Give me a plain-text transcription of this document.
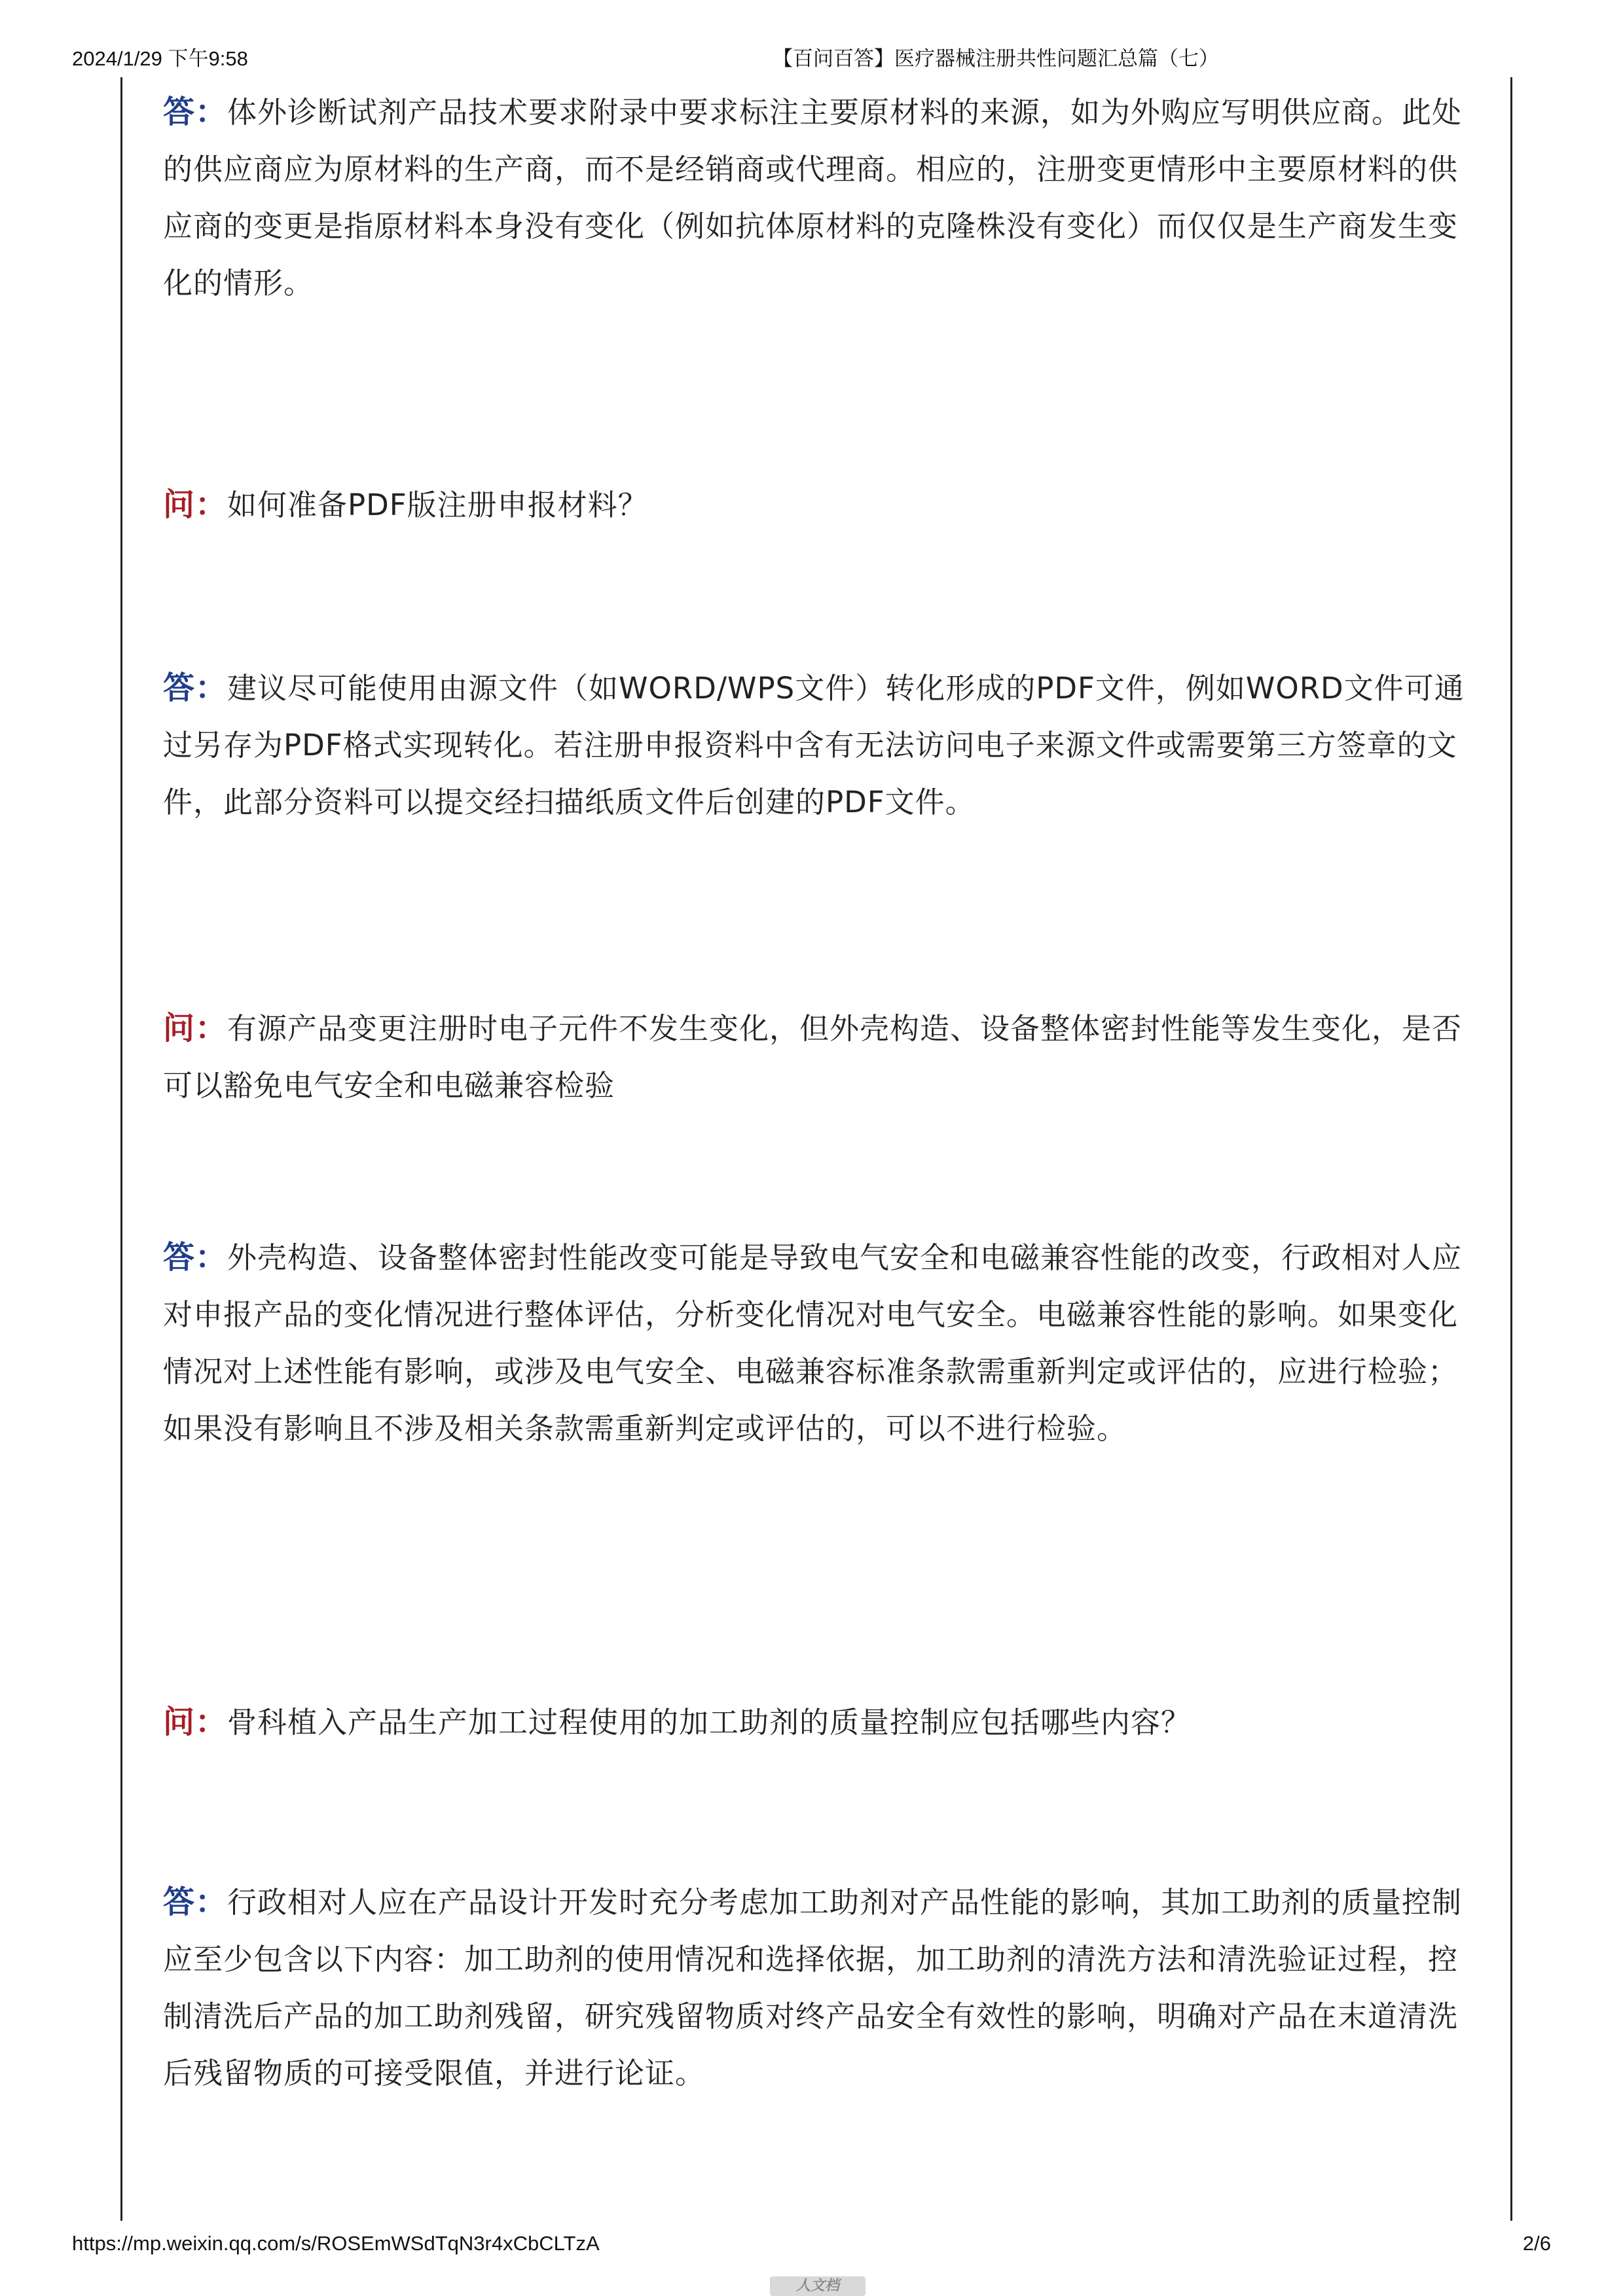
2024/1/29 下午9:58	【百问百答】医疗器械注册共性问题汇总篇（七）
答：体外诊断试剂产品技术要求附录中要求标注主要原材料的来源，如为外购应写明供应商。此处的供应商应为原材料的生产商，而不是经销商或代理商。相应的，注册变更情形中主要原材料的供应商的变更是指原材料本身没有变化（例如抗体原材料的克隆株没有变化）而仅仅是生产商发生变化的情形。
问：如何准备PDF版注册申报材料？
答：建议尽可能使用由源文件（如WORD/WPS文件）转化形成的PDF文件，例如WORD文件可通过另存为PDF格式实现转化。若注册申报资料中含有无法访问电子来源文件或需要第三方签章的文件，此部分资料可以提交经扫描纸质文件后创建的PDF文件。
问：有源产品变更注册时电子元件不发生变化，但外壳构造、设备整体密封性能等发生变化，是否可以豁免电气安全和电磁兼容检验
答：外壳构造、设备整体密封性能改变可能是导致电气安全和电磁兼容性能的改变，行政相对人应对申报产品的变化情况进行整体评估，分析变化情况对电气安全。电磁兼容性能的影响。如果变化情况对上述性能有影响，或涉及电气安全、电磁兼容标准条款需重新判定或评估的，应进行检验；如果没有影响且不涉及相关条款需重新判定或评估的，可以不进行检验。
问：骨科植入产品生产加工过程使用的加工助剂的质量控制应包括哪些内容？
答：行政相对人应在产品设计开发时充分考虑加工助剂对产品性能的影响，其加工助剂的质量控制应至少包含以下内容：加工助剂的使用情况和选择依据，加工助剂的清洗方法和清洗验证过程，控制清洗后产品的加工助剂残留，研究残留物质对终产品安全有效性的影响，明确对产品在末道清洗后残留物质的可接受限值，并进行论证。
https://mp.weixin.qq.com/s/ROSEmWSdTqN3r4xCbCLTzA	2/6
人文档
